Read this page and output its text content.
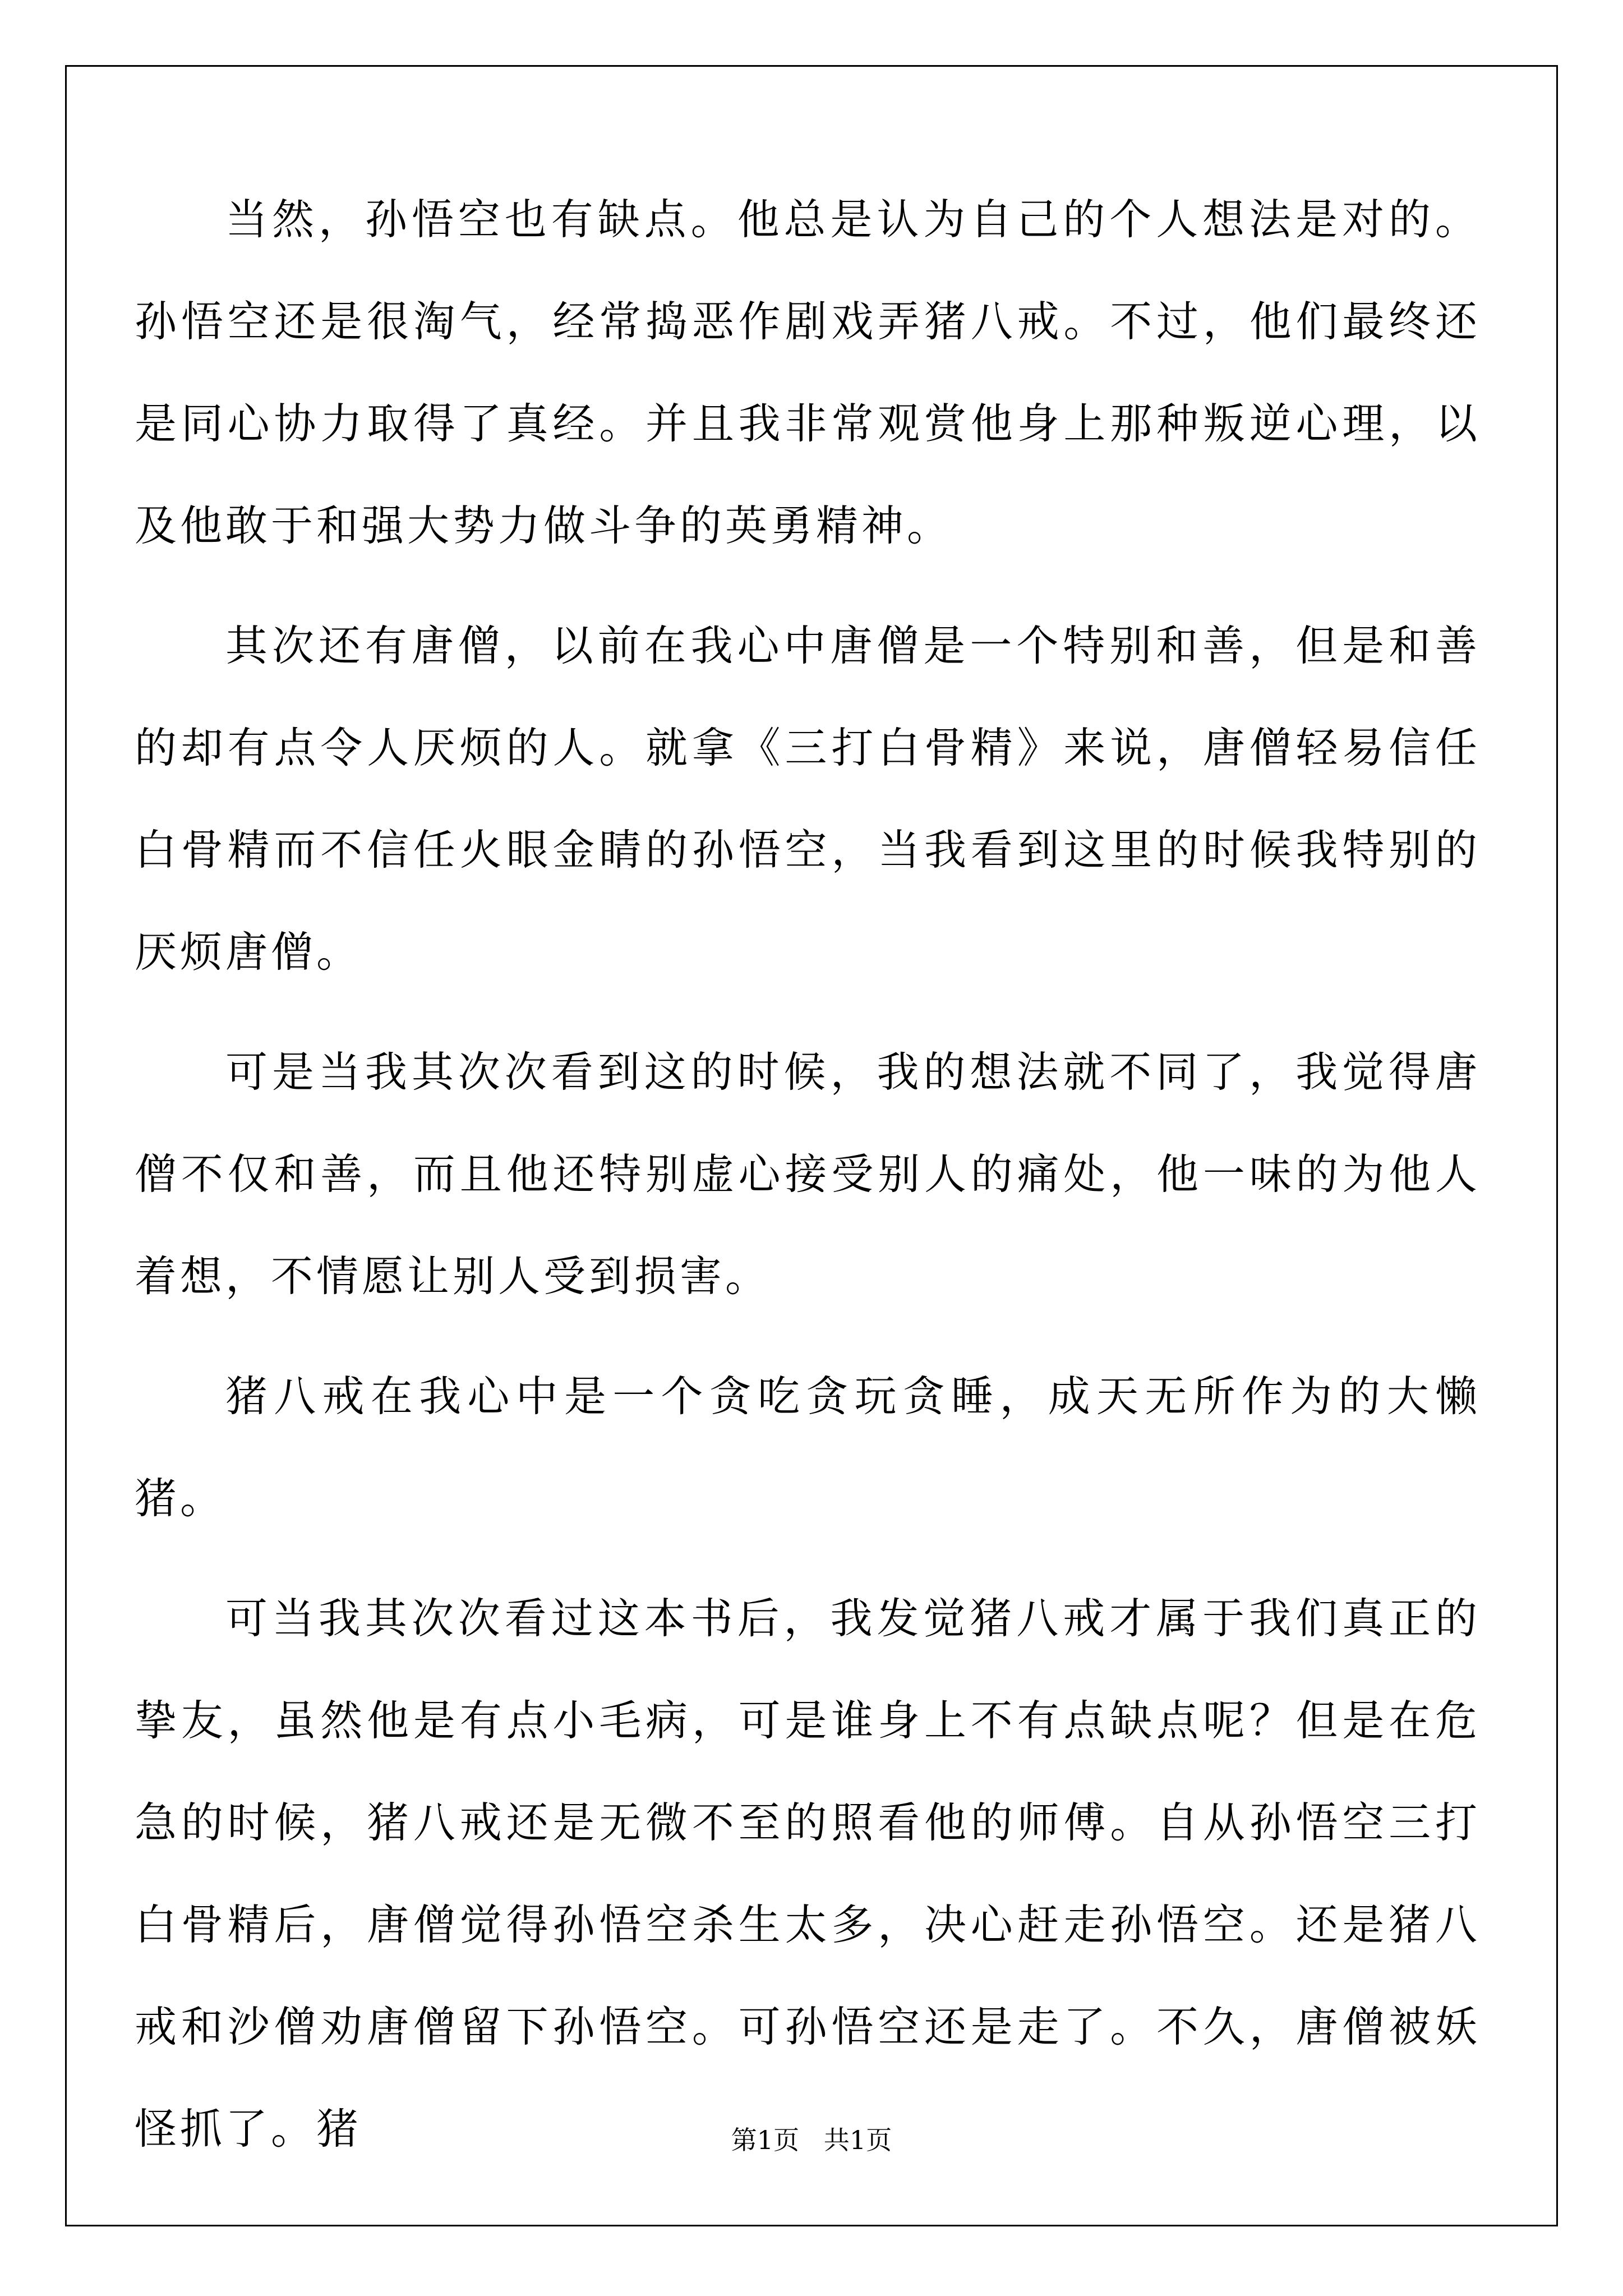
当然，孙悟空也有缺点。他总是认为自己的个人想法是对的。孙悟空还是很淘气，经常捣恶作剧戏弄猪八戒。不过，他们最终还是同心协力取得了真经。并且我非常观赏他身上那种叛逆心理，以及他敢于和强大势力做斗争的英勇精神。

其次还有唐僧，以前在我心中唐僧是一个特别和善，但是和善的却有点令人厌烦的人。就拿《三打白骨精》来说，唐僧轻易信任白骨精而不信任火眼金睛的孙悟空，当我看到这里的时候我特别的厌烦唐僧。

可是当我其次次看到这的时候，我的想法就不同了，我觉得唐僧不仅和善，而且他还特别虚心接受别人的痛处，他一味的为他人着想，不情愿让别人受到损害。

猪八戒在我心中是一个贪吃贪玩贪睡，成天无所作为的大懒猪。

可当我其次次看过这本书后，我发觉猪八戒才属于我们真正的挚友，虽然他是有点小毛病，可是谁身上不有点缺点呢？但是在危急的时候，猪八戒还是无微不至的照看他的师傅。自从孙悟空三打白骨精后，唐僧觉得孙悟空杀生太多，决心赶走孙悟空。还是猪八戒和沙僧劝唐僧留下孙悟空。可孙悟空还是走了。不久，唐僧被妖怪抓了。猪	第1页   共1页
